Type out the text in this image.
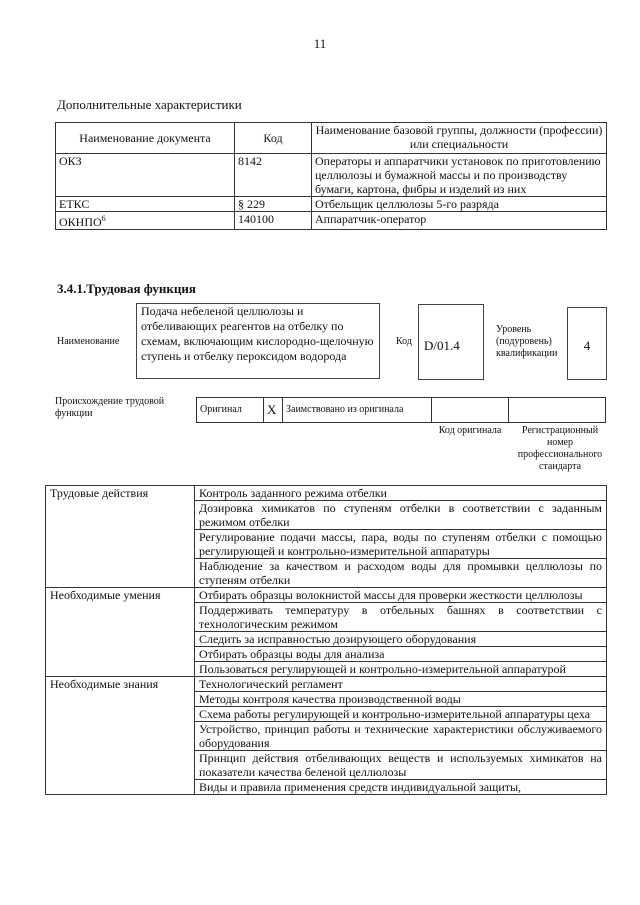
11
Дополнительные характеристики
Наименование документа	Код	Наименование базовой группы, должности (профессии) или специальности
ОКЗ	8142	Операторы и аппаратчики установок по приготовлению целлюлозы и бумажной массы и по производству бумаги, картона, фибры и изделий из них
ЕТКС	§ 229	Отбельщик целлюлозы 5-го разряда
ОКНПО$^6$	140100	Аппаратчик-оператор
3.4.1.Трудовая функция
Наименование
Подача небеленой целлюлозы и отбеливающих реагентов на отбелку по схемам, включающим кислородно-щелочную ступень и отбелку пероксидом водорода
Код D/01.4
Уровень (подуровень) квалификации
4
Происхождение трудовой функции	Оригинал	X	Заимствовано из оригинала		
Код оригинала	Регистрационный номер профессионального стандарта
Трудовые действия	Контроль заданного режима отбелки
	Дозировка химикатов по ступеням отбелки в соответствии с заданным режимом отбелки
	Регулирование подачи массы, пара, воды по ступеням отбелки с помощью регулирующей и контрольно-измерительной аппаратуры
	Наблюдение за качеством и расходом воды для промывки целлюлозы по ступеням отбелки
Необходимые умения	Отбирать образцы волокнистой массы для проверки жесткости целлюлозы
	Поддерживать температуру в отбельных башнях в соответствии с технологическим режимом
	Следить за исправностью дозирующего оборудования
	Отбирать образцы воды для анализа
	Пользоваться регулирующей и контрольно-измерительной аппаратурой
Необходимые знания	Технологический регламент
	Методы контроля качества производственной воды
	Схема работы регулирующей и контрольно-измерительной аппаратуры цеха
	Устройство, принцип работы и технические характеристики обслуживаемого оборудования
	Принцип действия отбеливающих веществ и используемых химикатов на показатели качества беленой целлюлозы
	Виды и правила применения средств индивидуальной защиты,
